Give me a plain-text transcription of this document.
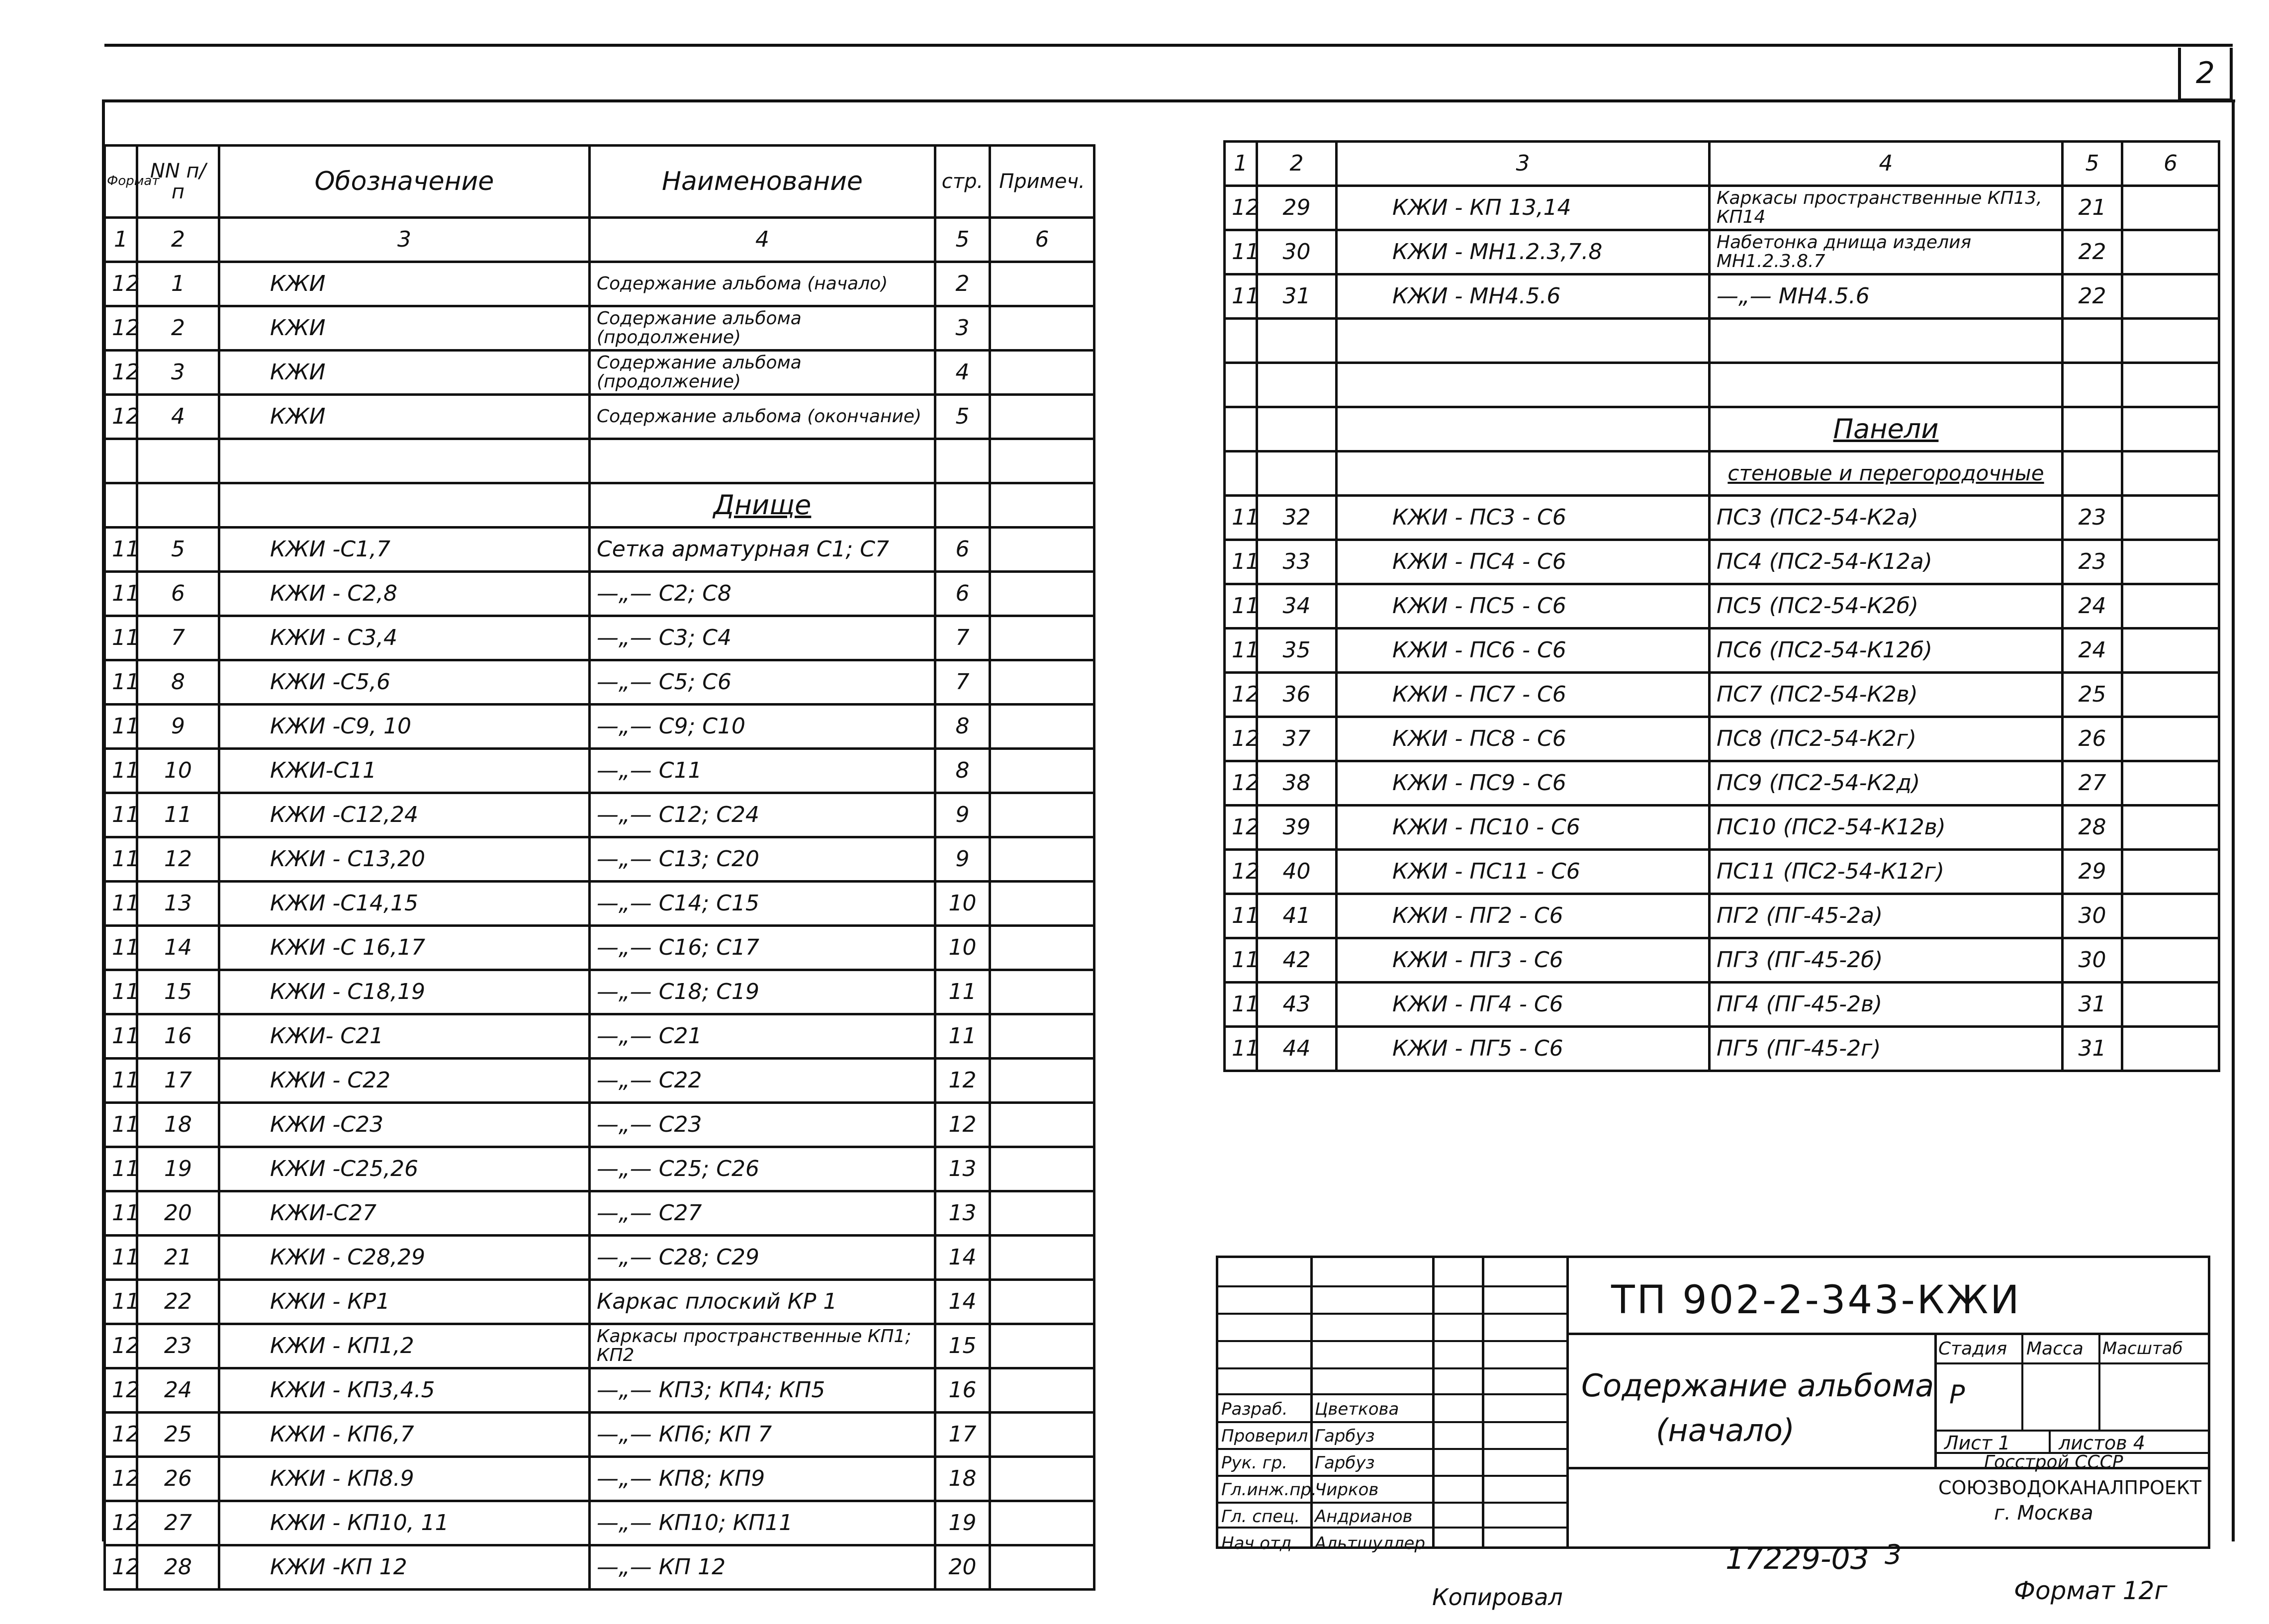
2
Формат	NN п/п	Обозначение	Наименование	стр.	Примеч.
1	2	3	4	5	6
12	1	КЖИ	Содержание альбома (начало)	2	
12	2	КЖИ	Содержание альбома (продолжение)	3	
12	3	КЖИ	Содержание альбома (продолжение)	4	
12	4	КЖИ	Содержание альбома (окончание)	5	

			Днище		
11	5	КЖИ -С1,7	Сетка арматурная С1; С7	6	
11	6	КЖИ - С2,8	—„— С2; С8	6	
11	7	КЖИ - С3,4	—„— С3; С4	7	
11	8	КЖИ -С5,6	—„— С5; С6	7	
11	9	КЖИ -С9, 10	—„— С9; С10	8	
11	10	КЖИ-С11	—„— С11	8	
11	11	КЖИ -С12,24	—„— С12; С24	9	
11	12	КЖИ - С13,20	—„— С13; С20	9	
11	13	КЖИ -С14,15	—„— С14; С15	10	
11	14	КЖИ -С 16,17	—„— С16; С17	10	
11	15	КЖИ - С18,19	—„— С18; С19	11	
11	16	КЖИ- С21	—„— С21	11	
11	17	КЖИ - С22	—„— С22	12	
11	18	КЖИ -С23	—„— С23	12	
11	19	КЖИ -С25,26	—„— С25; С26	13	
11	20	КЖИ-С27	—„— С27	13	
11	21	КЖИ - С28,29	—„— С28; С29	14	
11	22	КЖИ - КР1	Каркас плоский КР 1	14	
12	23	КЖИ - КП1,2	Каркасы пространственные КП1; КП2	15	
12	24	КЖИ - КП3,4.5	—„— КП3; КП4; КП5	16	
12	25	КЖИ - КП6,7	—„— КП6; КП 7	17	
12	26	КЖИ - КП8.9	—„— КП8; КП9	18	
12	27	КЖИ - КП10, 11	—„— КП10; КП11	19	
12	28	КЖИ -КП 12	—„— КП 12	20	
1	2	3	4	5	6
12	29	КЖИ - КП 13,14	Каркасы пространственные КП13, КП14	21	
11	30	КЖИ - МН1.2.3,7.8	Набетонка днища изделия МН1.2.3.8.7	22	
11	31	КЖИ - МН4.5.6	—„— МН4.5.6	22	

			Панели		
			стеновые и перегородочные		
11	32	КЖИ - ПС3 - С6	ПС3 (ПС2-54-К2а)	23	
11	33	КЖИ - ПС4 - С6	ПС4 (ПС2-54-К12а)	23	
11	34	КЖИ - ПС5 - С6	ПС5 (ПС2-54-К2б)	24	
11	35	КЖИ - ПС6 - С6	ПС6 (ПС2-54-К12б)	24	
12	36	КЖИ - ПС7 - С6	ПС7 (ПС2-54-К2в)	25	
12	37	КЖИ - ПС8 - С6	ПС8 (ПС2-54-К2г)	26	
12	38	КЖИ - ПС9 - С6	ПС9 (ПС2-54-К2д)	27	
12	39	КЖИ - ПС10 - С6	ПС10 (ПС2-54-К12в)	28	
12	40	КЖИ - ПС11 - С6	ПС11 (ПС2-54-К12г)	29	
11	41	КЖИ - ПГ2 - С6	ПГ2 (ПГ-45-2а)	30	
11	42	КЖИ - ПГ3 - С6	ПГ3 (ПГ-45-2б)	30	
11	43	КЖИ - ПГ4 - С6	ПГ4 (ПГ-45-2в)	31	
11	44	КЖИ - ПГ5 - С6	ПГ5 (ПГ-45-2г)	31	
ТП 902-2-343-КЖИ
Содержание альбома
(начало)
Стадия Масса Масштаб
Р
Лист 1	листов 4
Госстрой СССР
СОЮЗВОДОКАНАЛПРОЕКТ
г. Москва
Разраб. Цветкова
Проверил Гарбуз
Рук. гр. Гарбуз
Гл.инж.пр.
Чирков
Гл. спец. Андрианов
Нач отд. Альтшуллер	17229-03 3
Копировал	Формат 12г
